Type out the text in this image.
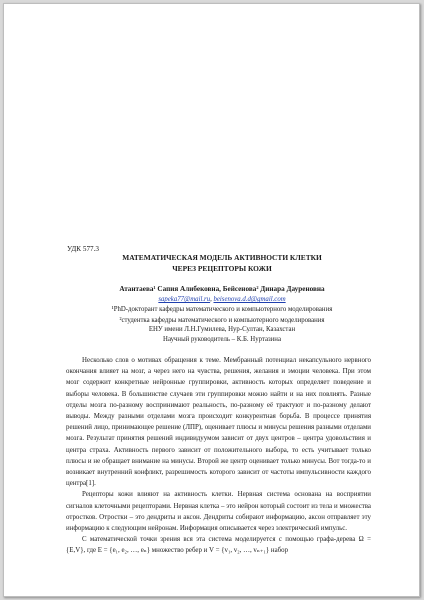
УДК 577.3
МАТЕМАТИЧЕСКАЯ МОДЕЛЬ АКТИВНОСТИ КЛЕТКИ
ЧЕРЕЗ РЕЦЕПТОРЫ КОЖИ
Атантаева¹ Сапия Алибековна, Бейсенова² Динара Дауреновна
sapeka77@mail.ru, beisenova.d.d@gmail.com
¹PhD-докторант кафедры математического и компьютерного моделирования
²студентка кафедры математического и компьютерного моделирования
ЕНУ имени Л.Н.Гумилева, Нур-Султан, Казахстан
Научный руководитель – К.Б. Нуртазина

Несколько слов о мотивах обращения к теме. Мембранный потенциал некапсульного нервного окончания влияет на мозг, а через него на чувства, решения, желания и эмоции человека. При этом мозг содержит конкретные нейронные группировки, активность которых определяет поведение и выборы человека. В большинстве случаев эти группировки можно найти и на них повлиять. Разные отделы мозга по-разному воспринимают реальность, по-разному её трактуют и по-разному делают выводы. Между разными отделами мозга происходит конкурентная борьба. В процессе принятия решений лицо, принимающее решение (ЛПР), оценивает плюсы и минусы решения разными отделами мозга. Результат принятия решений индивидуумом зависит от двух центров – центра удовольствия и центра страха. Активность первого зависит от положительного выбора, то есть учитывает только плюсы и не обращает внимание на минусы. Второй же центр оценивает только минусы. Вот тогда-то и возникает внутренний конфликт, разрешимость которого зависит от частоты импульсивности каждого центра[1].

Рецепторы кожи влияют на активность клетки. Нервная система основана на восприятии сигналов клеточными рецепторами. Нервная клетка – это нейрон который состоит из тела и множества отростков. Отростки – это дендриты и аксон. Дендриты собирают информацию, аксон отправляет эту информацию к следующим нейронам. Информация описывается через электрический импульс.

С математической точки зрения вся эта система моделируется с помощью графа-дерева Ω = {E,V}, где E = {e₁, e₂, …, eₙ} множество ребер и V = {v₁, v₂, …, vₙ₊₁} набор
